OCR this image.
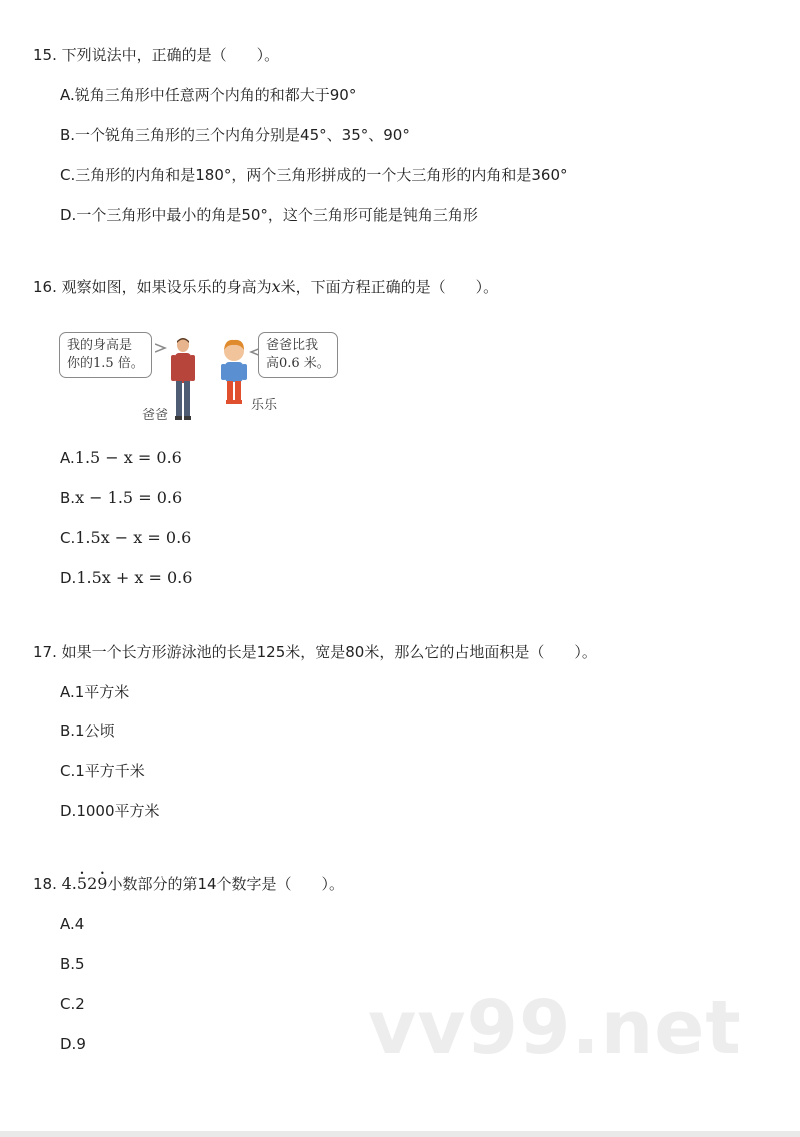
15. 下列说法中，正确的是（　　）。
A.锐角三角形中任意两个内角的和都大于90°
B.一个锐角三角形的三个内角分别是45°、35°、90°
C.三角形的内角和是180°，两个三角形拼成的一个大三角形的内角和是360°
D.一个三角形中最小的角是50°，这个三角形可能是钝角三角形
16. 观察如图，如果设乐乐的身高为x米，下面方程正确的是（　　）。
我的身高是
你的1.5 倍。
爸爸
乐乐
爸爸比我
高0.6 米。
A.1.5 − x = 0.6
B.x − 1.5 = 0.6
C.1.5x − x = 0.6
D.1.5x + x = 0.6
17. 如果一个长方形游泳池的长是125米，宽是80米，那么它的占地面积是（　　）。
A.1平方米
B.1公顷
C.1平方千米
D.1000平方米
18. 4.• 52• 9小数部分的第14个数字是（　　）。
A.4
B.5
C.2
D.9	vv99.net
